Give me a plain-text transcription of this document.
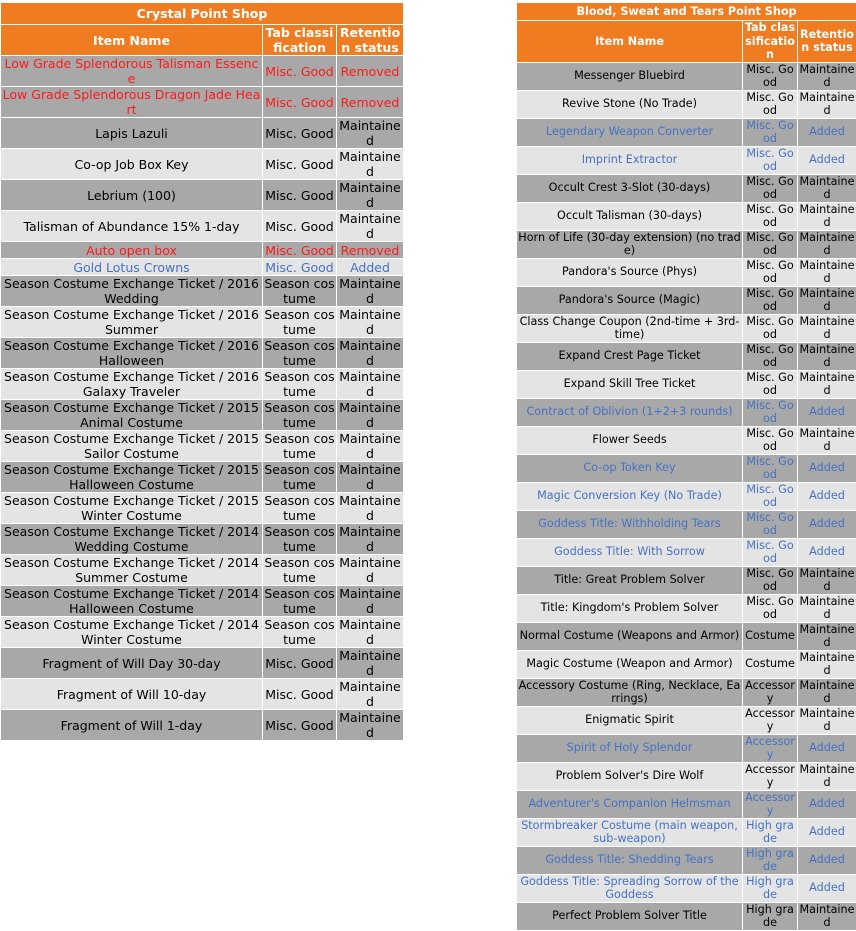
Crystal Point Shop		
Item Name	Tab classification	Retention status
Low Grade Splendorous Talisman Essence	Misc. Good	Removed
Low Grade Splendorous Dragon Jade Heart	Misc. Good	Removed
Lapis Lazuli	Misc. Good	Maintained
Co-op Job Box Key	Misc. Good	Maintained
Lebrium (100)	Misc. Good	Maintained
Talisman of Abundance 15% 1-day	Misc. Good	Maintained
Auto open box	Misc. Good	Removed
Gold Lotus Crowns	Misc. Good	Added
Season Costume Exchange Ticket / 2016 Wedding	Season costume	Maintained
Season Costume Exchange Ticket / 2016 Summer	Season costume	Maintained
Season Costume Exchange Ticket / 2016 Halloween	Season costume	Maintained
Season Costume Exchange Ticket / 2016 Galaxy Traveler	Season costume	Maintained
Season Costume Exchange Ticket / 2015 Animal Costume	Season costume	Maintained
Season Costume Exchange Ticket / 2015 Sailor Costume	Season costume	Maintained
Season Costume Exchange Ticket / 2015 Halloween Costume	Season costume	Maintained
Season Costume Exchange Ticket / 2015 Winter Costume	Season costume	Maintained
Season Costume Exchange Ticket / 2014 Wedding Costume	Season costume	Maintained
Season Costume Exchange Ticket / 2014 Summer Costume	Season costume	Maintained
Season Costume Exchange Ticket / 2014 Halloween Costume	Season costume	Maintained
Season Costume Exchange Ticket / 2014 Winter Costume	Season costume	Maintained
Fragment of Will Day 30-day	Misc. Good	Maintained
Fragment of Will 10-day	Misc. Good	Maintained
Fragment of Will 1-day	Misc. Good	Maintained
Blood, Sweat and Tears Point Shop		
Item Name	Tab classification	Retention status
Messenger Bluebird	Misc. Good	Maintained
Revive Stone (No Trade)	Misc. Good	Maintained
Legendary Weapon Converter	Misc. Good	Added
Imprint Extractor	Misc. Good	Added
Occult Crest 3-Slot (30-days)	Misc. Good	Maintained
Occult Talisman (30-days)	Misc. Good	Maintained
Horn of Life (30-day extension) (no trade)	Misc. Good	Maintained
Pandora's Source (Phys)	Misc. Good	Maintained
Pandora's Source (Magic)	Misc. Good	Maintained
Class Change Coupon (2nd-time + 3rd-time)	Misc. Good	Maintained
Expand Crest Page Ticket	Misc. Good	Maintained
Expand Skill Tree Ticket	Misc. Good	Maintained
Contract of Oblivion (1+2+3 rounds)	Misc. Good	Added
Flower Seeds	Misc. Good	Maintained
Co-op Token Key	Misc. Good	Added
Magic Conversion Key (No Trade)	Misc. Good	Added
Goddess Title: Withholding Tears	Misc. Good	Added
Goddess Title: With Sorrow	Misc. Good	Added
Title: Great Problem Solver	Misc. Good	Maintained
Title: Kingdom's Problem Solver	Misc. Good	Maintained
Normal Costume (Weapons and Armor)	Costume	Maintained
Magic Costume (Weapon and Armor)	Costume	Maintained
Accessory Costume (Ring, Necklace, Earrings)	Accessory	Maintained
Enigmatic Spirit	Accessory	Maintained
Spirit of Holy Splendor	Accessory	Added
Problem Solver's Dire Wolf	Accessory	Maintained
Adventurer's Companion Helmsman	Accessory	Added
Stormbreaker Costume (main weapon, sub-weapon)	High grade	Added
Goddess Title: Shedding Tears	High grade	Added
Goddess Title: Spreading Sorrow of the Goddess	High grade	Added
Perfect Problem Solver Title	High grade	Maintained
